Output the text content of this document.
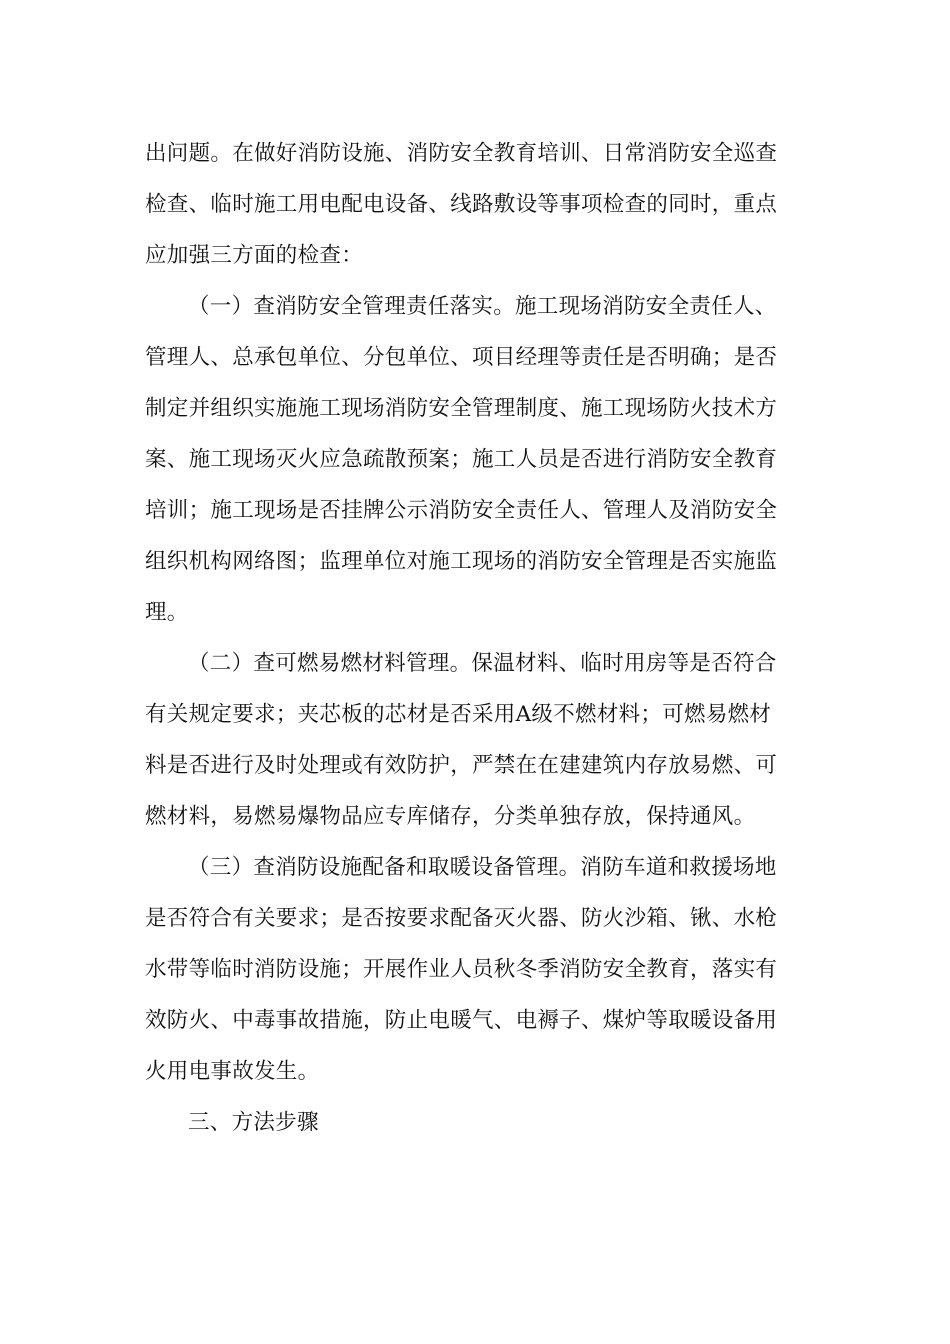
出问题。在做好消防设施、消防安全教育培训、日常消防安全巡查
检查、临时施工用电配电设备、线路敷设等事项检查的同时，重点
应加强三方面的检查：

（一）查消防安全管理责任落实。施工现场消防安全责任人、
管理人、总承包单位、分包单位、项目经理等责任是否明确；是否
制定并组织实施施工现场消防安全管理制度、施工现场防火技术方
案、施工现场灭火应急疏散预案；施工人员是否进行消防安全教育
培训；施工现场是否挂牌公示消防安全责任人、管理人及消防安全
组织机构网络图；监理单位对施工现场的消防安全管理是否实施监
理。

（二）查可燃易燃材料管理。保温材料、临时用房等是否符合
有关规定要求；夹芯板的芯材是否采用A级不燃材料；可燃易燃材
料是否进行及时处理或有效防护，严禁在在建建筑内存放易燃、可
燃材料，易燃易爆物品应专库储存，分类单独存放，保持通风。

（三）查消防设施配备和取暖设备管理。消防车道和救援场地
是否符合有关要求；是否按要求配备灭火器、防火沙箱、锹、水枪
水带等临时消防设施；开展作业人员秋冬季消防安全教育，落实有
效防火、中毒事故措施，防止电暖气、电褥子、煤炉等取暖设备用
火用电事故发生。

三、方法步骤
